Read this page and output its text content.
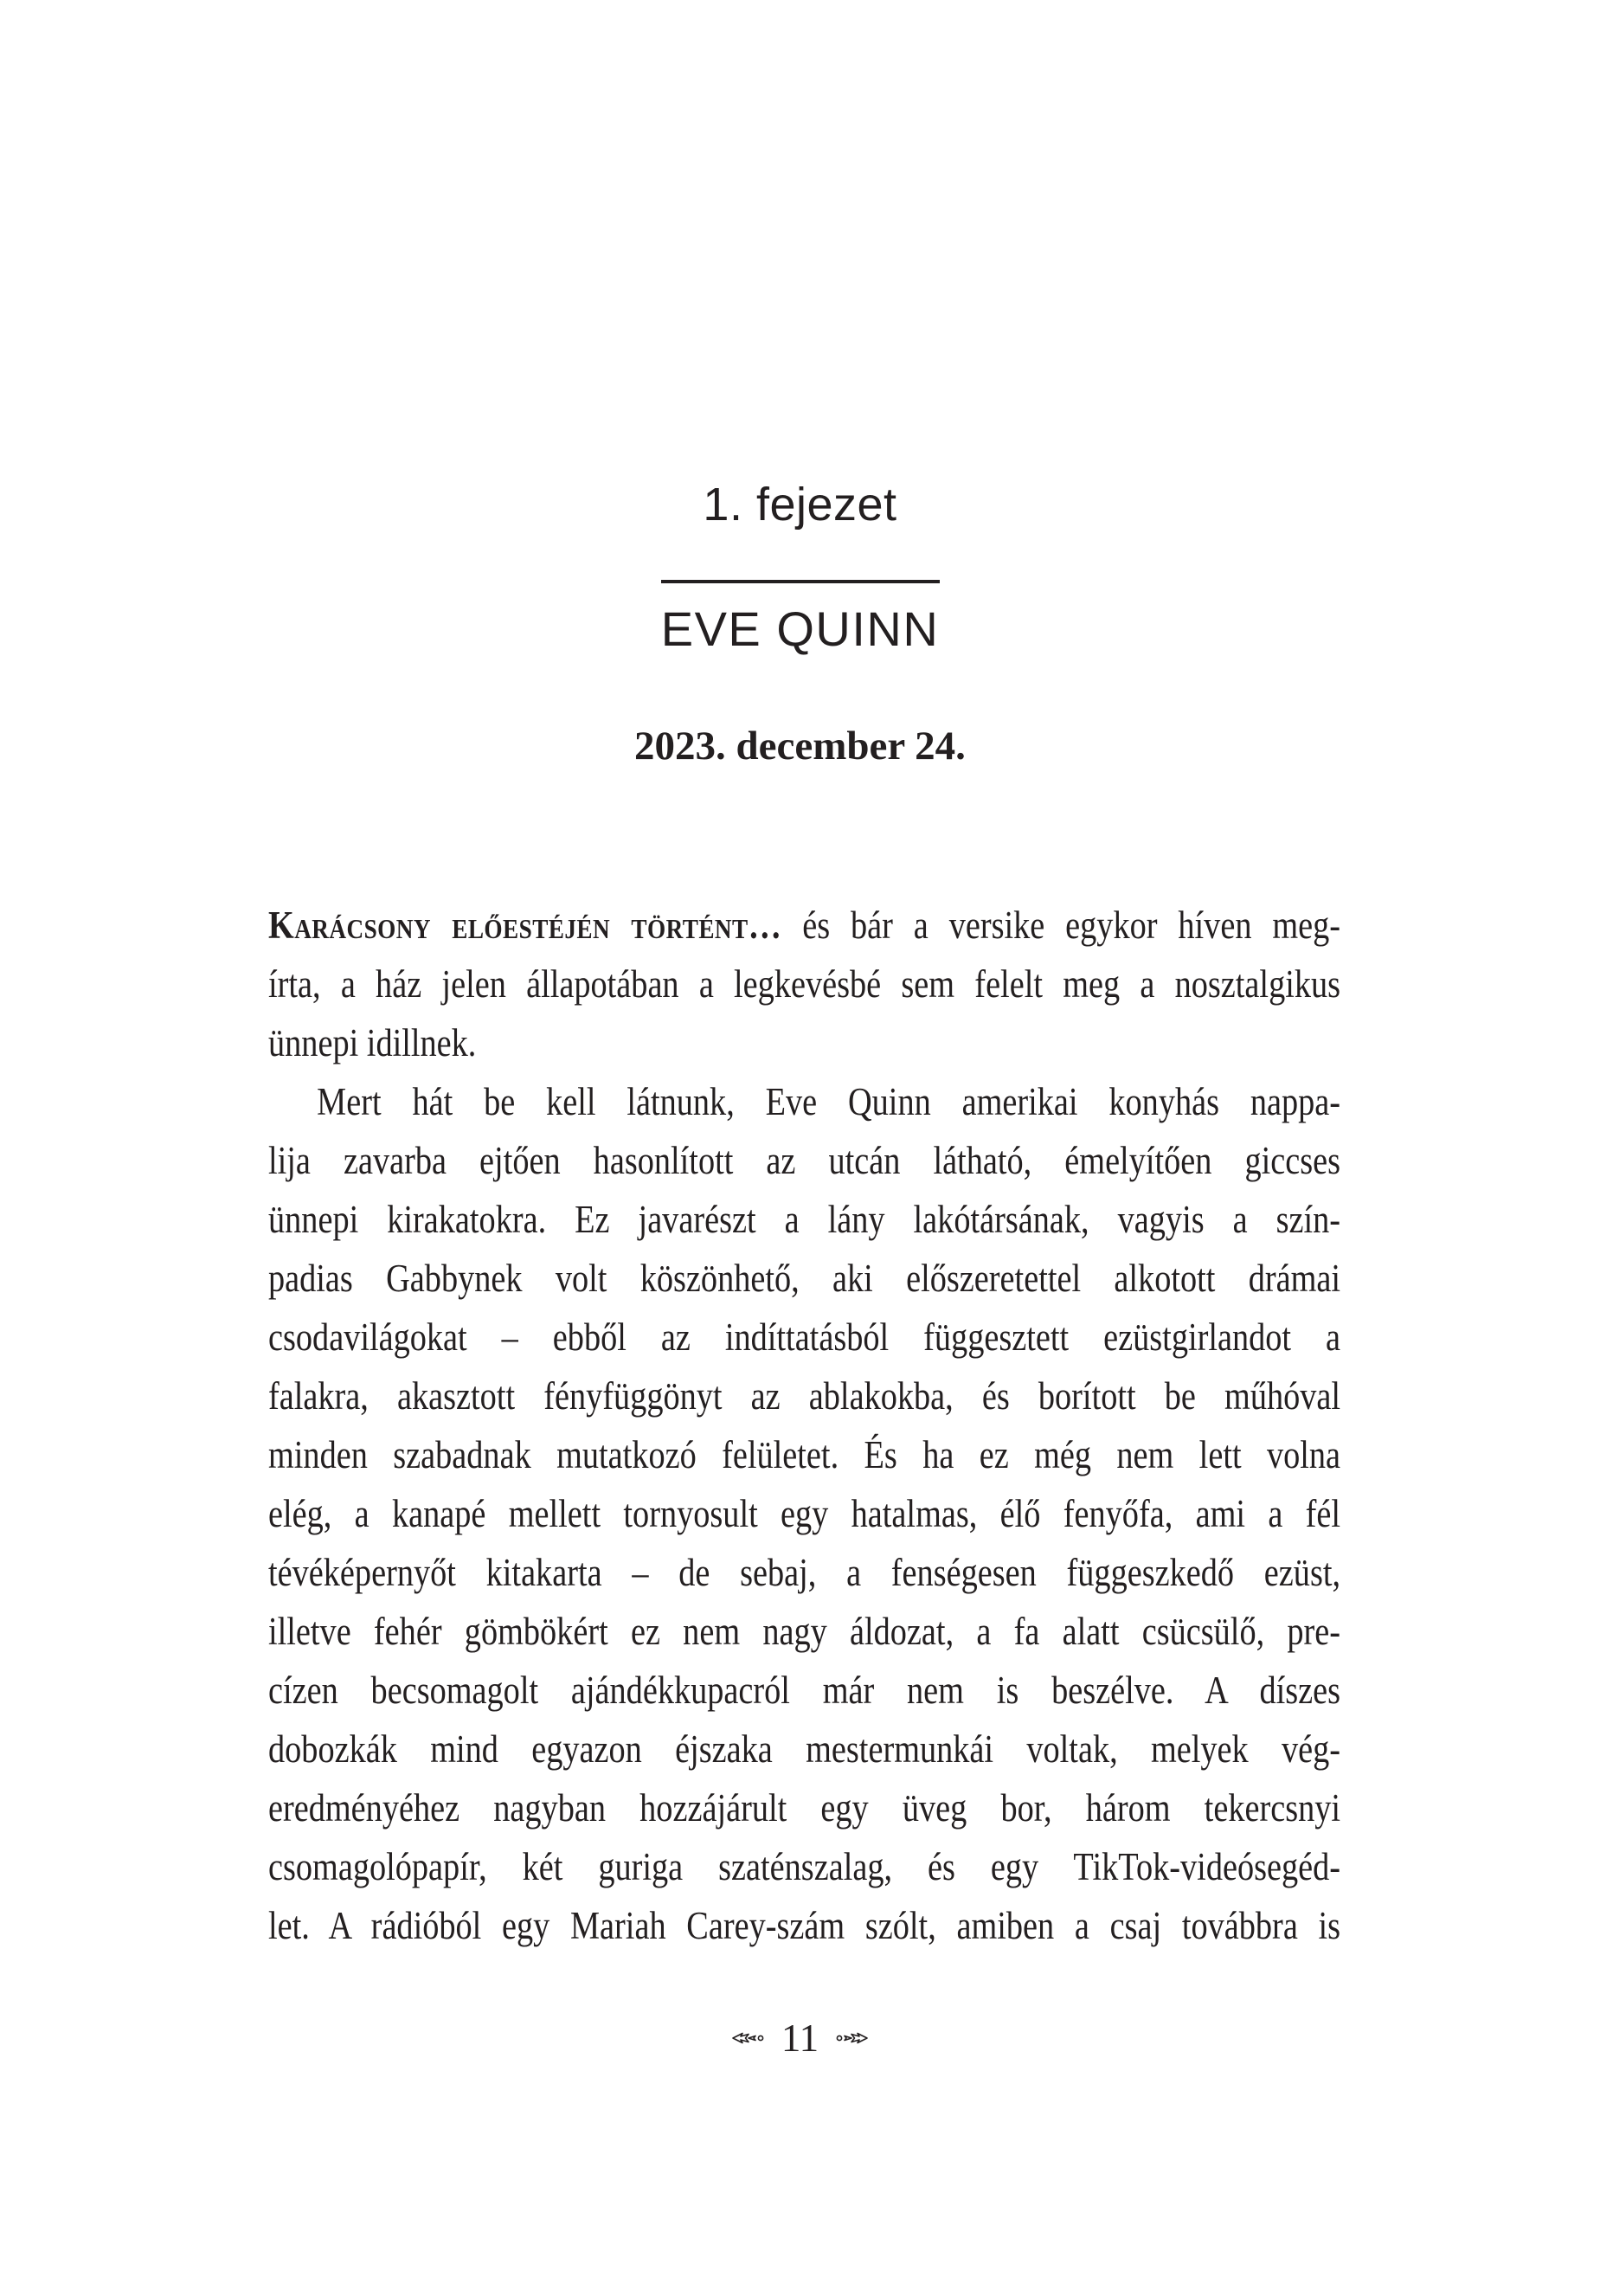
1. fejezet
EVE QUINN
2023. december 24.
Karácsony előestéjén történt… és bár a versike egykor híven meg-
írta, a ház jelen állapotában a legkevésbé sem felelt meg a nosztalgikus
ünnepi idillnek.
Mert hát be kell látnunk, Eve Quinn amerikai konyhás nappa-
lija zavarba ejtően hasonlított az utcán látható, émelyítően giccses
ünnepi kirakatokra. Ez javarészt a lány lakótársának, vagyis a szín-
padias Gabbynek volt köszönhető, aki előszeretettel alkotott drámai
csodavilágokat – ebből az indíttatásból függesztett ezüstgirlandot a
falakra, akasztott fényfüggönyt az ablakokba, és borított be műhóval
minden szabadnak mutatkozó felületet. És ha ez még nem lett volna
elég, a kanapé mellett tornyosult egy hatalmas, élő fenyőfa, ami a fél
tévéképernyőt kitakarta – de sebaj, a fenségesen függeszkedő ezüst,
illetve fehér gömbökért ez nem nagy áldozat, a fa alatt csücsülő, pre-
cízen becsomagolt ajándékkupacról már nem is beszélve. A díszes
dobozkák mind egyazon éjszaka mestermunkái voltak, melyek vég-
eredményéhez nagyban hozzájárult egy üveg bor, három tekercsnyi
csomagolópapír, két guriga szaténszalag, és egy TikTok-videósegéd-
let. A rádióból egy Mariah Carey-szám szólt, amiben a csaj továbbra is
11
